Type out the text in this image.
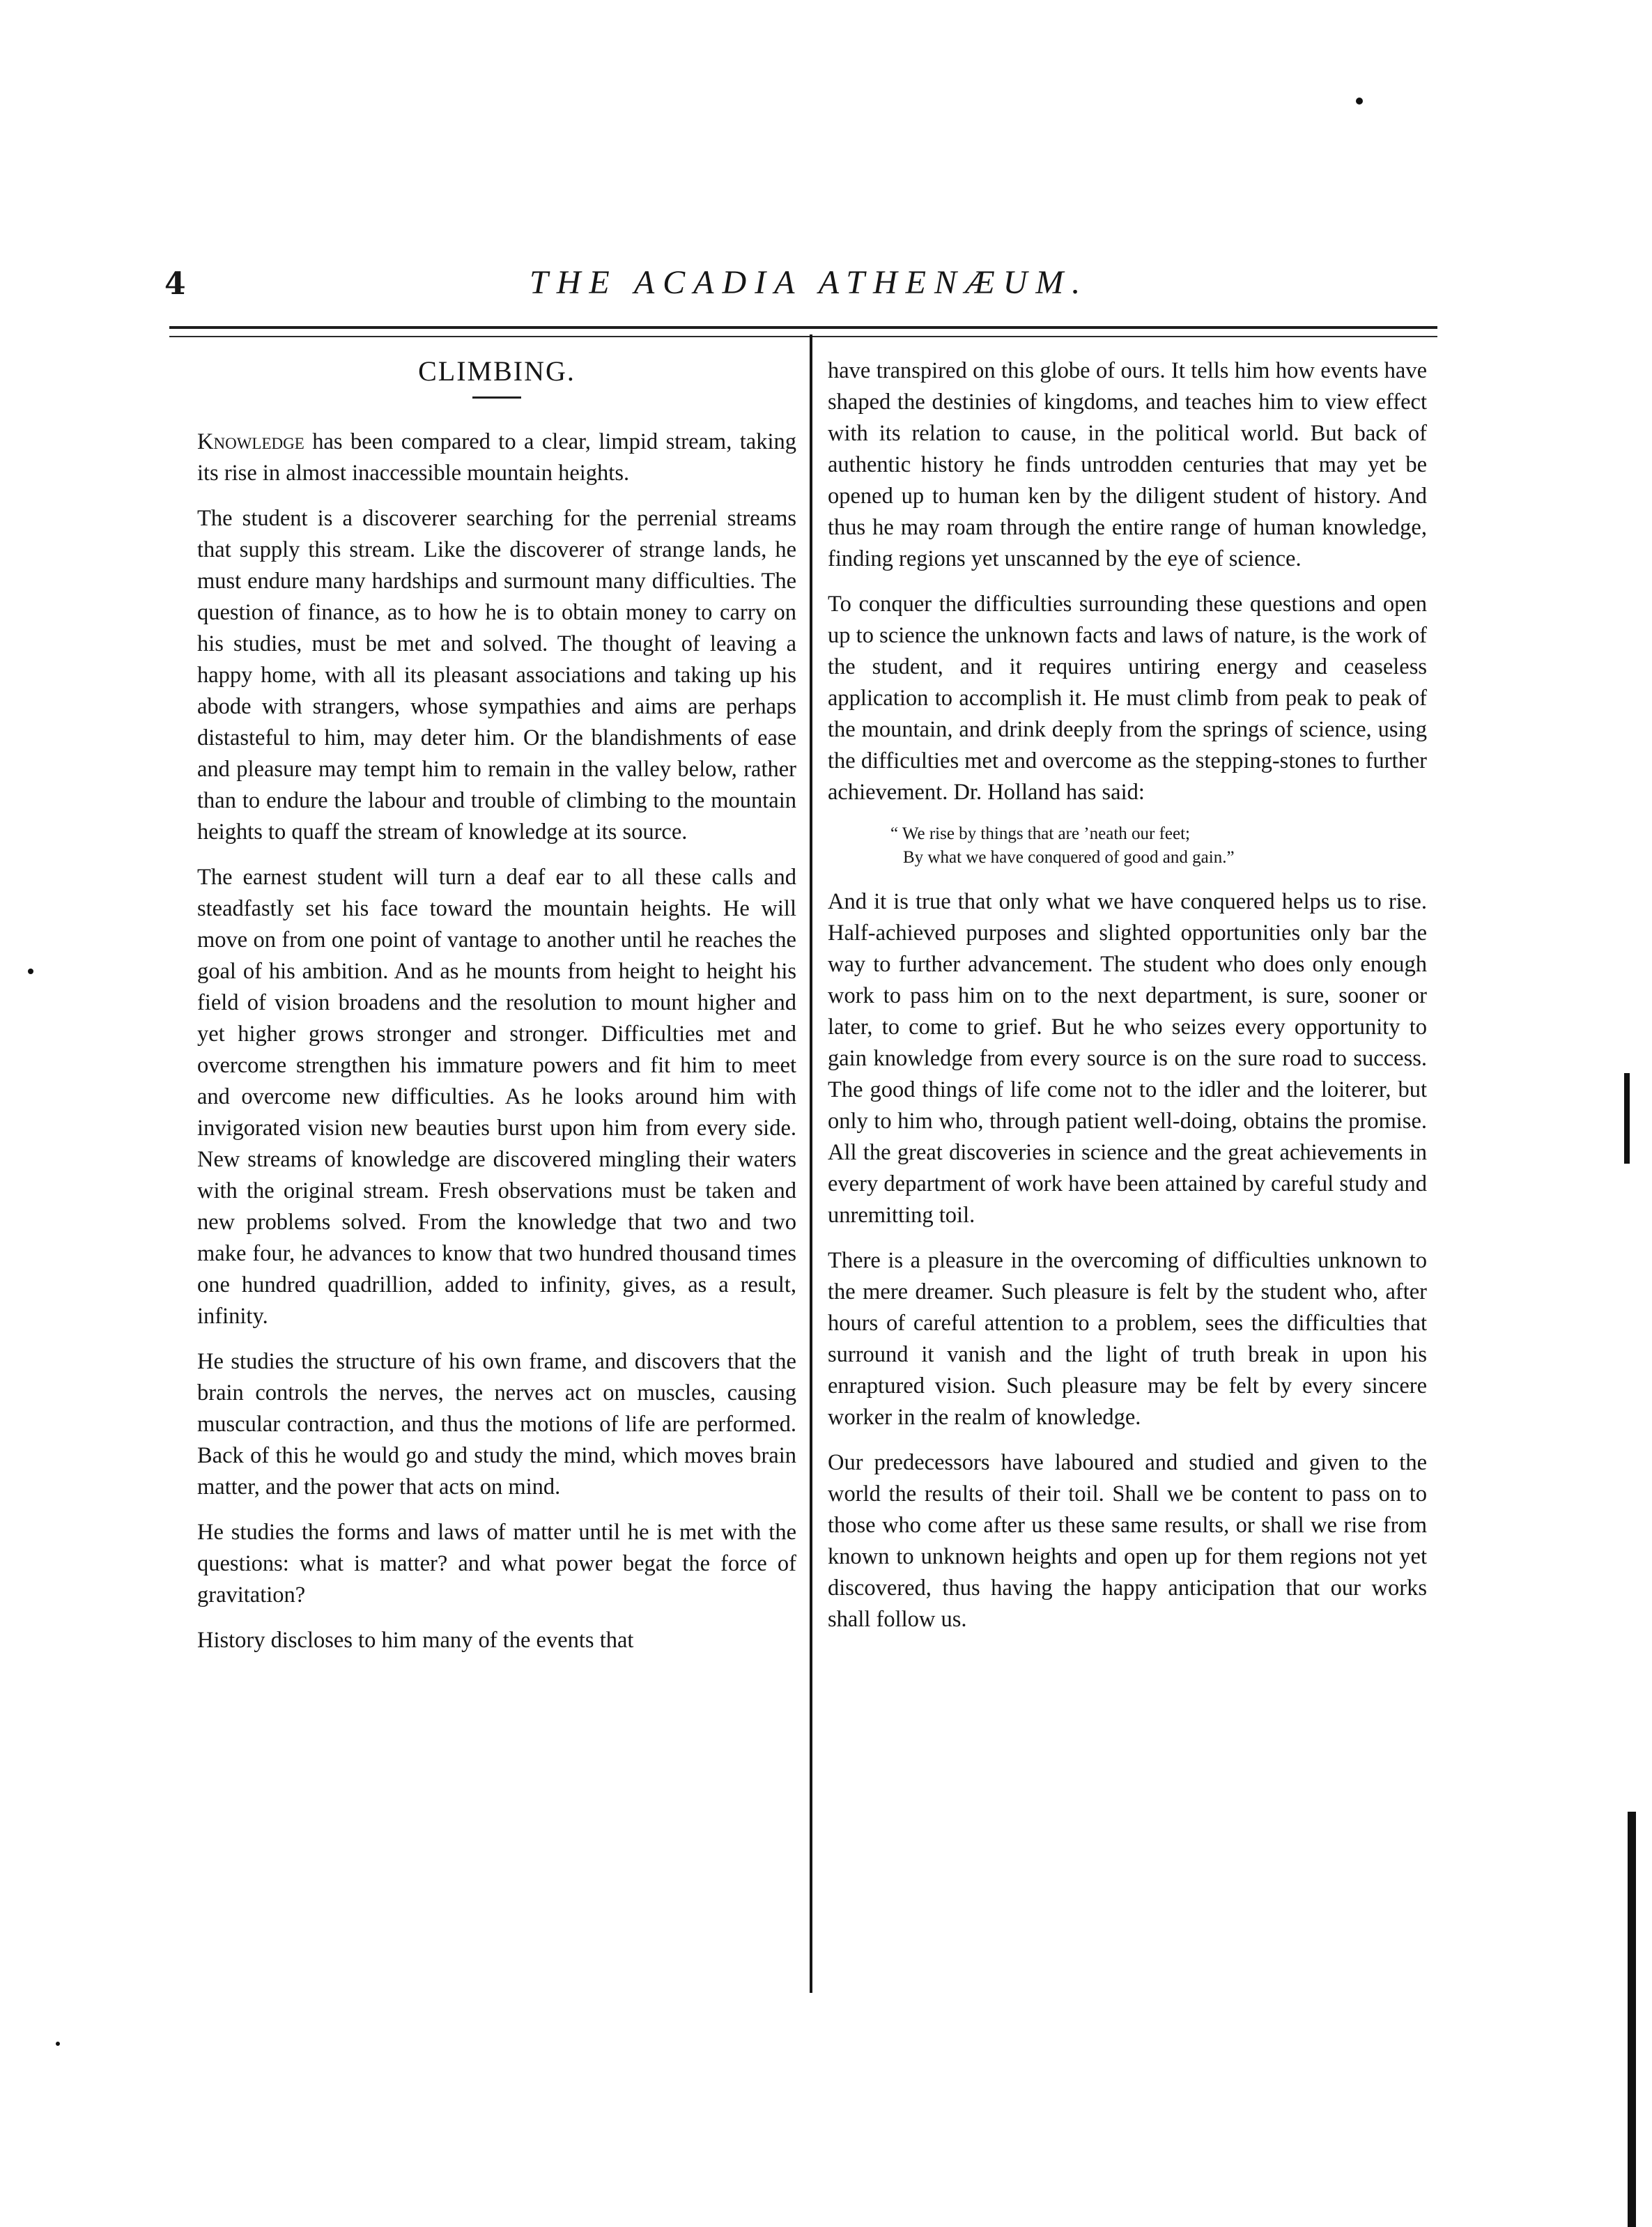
4	THE ACADIA ATHENÆUM.
CLIMBING.

Knowledge has been compared to a clear, limpid stream, taking its rise in almost inaccessible mountain heights.

The student is a discoverer searching for the perrenial streams that supply this stream. Like the discoverer of strange lands, he must endure many hardships and surmount many difficulties. The question of finance, as to how he is to obtain money to carry on his studies, must be met and solved. The thought of leaving a happy home, with all its pleasant associations and taking up his abode with strangers, whose sympathies and aims are perhaps distasteful to him, may deter him. Or the blandishments of ease and pleasure may tempt him to remain in the valley below, rather than to endure the labour and trouble of climbing to the mountain heights to quaff the stream of knowledge at its source.

The earnest student will turn a deaf ear to all these calls and steadfastly set his face toward the mountain heights. He will move on from one point of vantage to another until he reaches the goal of his ambition. And as he mounts from height to height his field of vision broadens and the resolution to mount higher and yet higher grows stronger and stronger. Difficulties met and overcome strengthen his immature powers and fit him to meet and overcome new difficulties. As he looks around him with invigorated vision new beauties burst upon him from every side. New streams of knowledge are discovered mingling their waters with the original stream. Fresh observations must be taken and new problems solved. From the knowledge that two and two make four, he advances to know that two hundred thousand times one hundred quadrillion, added to infinity, gives, as a result, infinity.

He studies the structure of his own frame, and discovers that the brain controls the nerves, the nerves act on muscles, causing muscular contraction, and thus the motions of life are performed. Back of this he would go and study the mind, which moves brain matter, and the power that acts on mind.

He studies the forms and laws of matter until he is met with the questions: what is matter? and what power begat the force of gravitation?

History discloses to him many of the events that

have transpired on this globe of ours. It tells him how events have shaped the destinies of kingdoms, and teaches him to view effect with its relation to cause, in the political world. But back of authentic history he finds untrodden centuries that may yet be opened up to human ken by the diligent student of history. And thus he may roam through the entire range of human knowledge, finding regions yet unscanned by the eye of science.

To conquer the difficulties surrounding these questions and open up to science the unknown facts and laws of nature, is the work of the student, and it requires untiring energy and ceaseless application to accomplish it. He must climb from peak to peak of the mountain, and drink deeply from the springs of science, using the difficulties met and overcome as the stepping-stones to further achievement. Dr. Holland has said:

“ We rise by things that are ’neath our feet;
By what we have conquered of good and gain.”

And it is true that only what we have conquered helps us to rise. Half-achieved purposes and slighted opportunities only bar the way to further advancement. The student who does only enough work to pass him on to the next department, is sure, sooner or later, to come to grief. But he who seizes every opportunity to gain knowledge from every source is on the sure road to success. The good things of life come not to the idler and the loiterer, but only to him who, through patient well-doing, obtains the promise. All the great discoveries in science and the great achievements in every department of work have been attained by careful study and unremitting toil.

There is a pleasure in the overcoming of difficulties unknown to the mere dreamer. Such pleasure is felt by the student who, after hours of careful attention to a problem, sees the difficulties that surround it vanish and the light of truth break in upon his enraptured vision. Such pleasure may be felt by every sincere worker in the realm of knowledge.

Our predecessors have laboured and studied and given to the world the results of their toil. Shall we be content to pass on to those who come after us these same results, or shall we rise from known to unknown heights and open up for them regions not yet discovered, thus having the happy anticipation that our works shall follow us.
